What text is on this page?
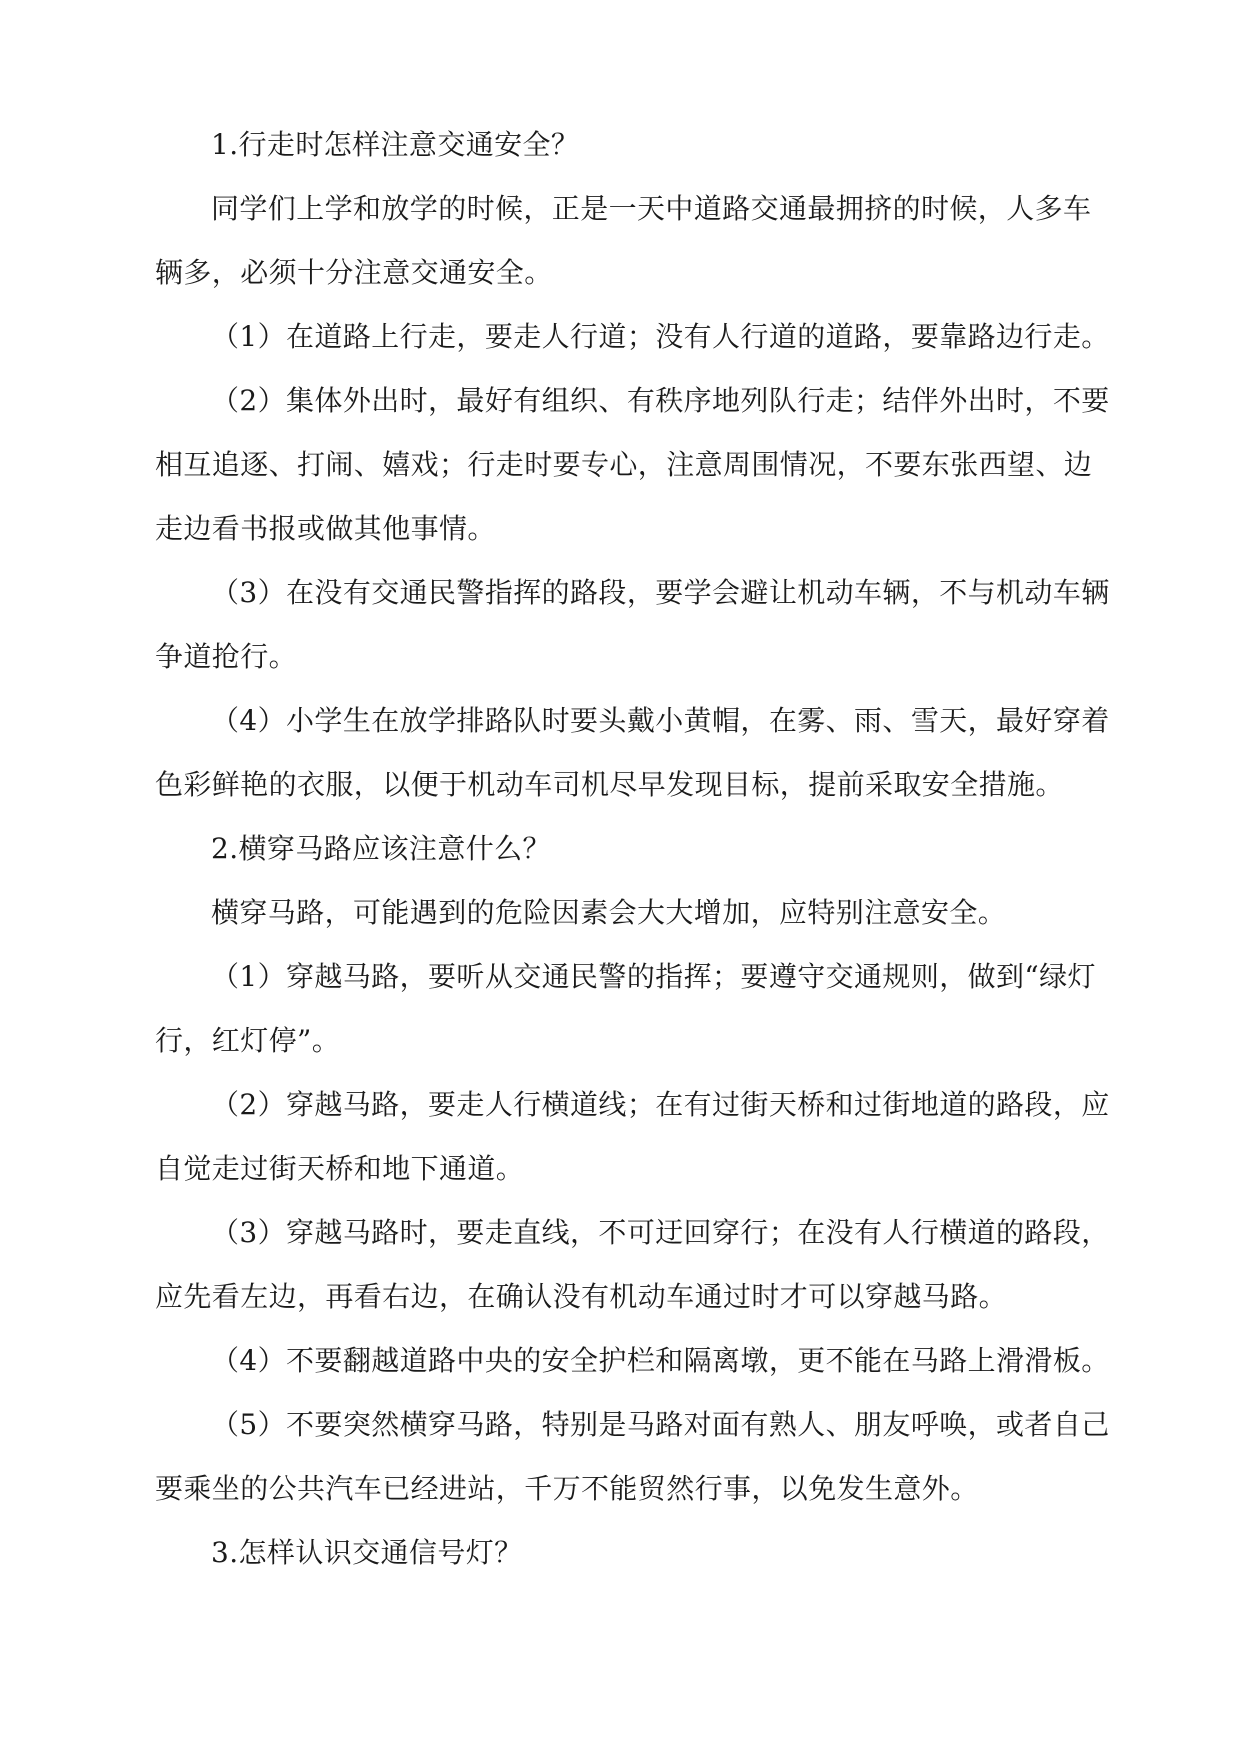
1.行走时怎样注意交通安全？

同学们上学和放学的时候，正是一天中道路交通最拥挤的时候，人多车辆多，必须十分注意交通安全。

（1）在道路上行走，要走人行道；没有人行道的道路，要靠路边行走。

（2）集体外出时，最好有组织、有秩序地列队行走；结伴外出时，不要相互追逐、打闹、嬉戏；行走时要专心，注意周围情况，不要东张西望、边走边看书报或做其他事情。

（3）在没有交通民警指挥的路段，要学会避让机动车辆，不与机动车辆争道抢行。

（4）小学生在放学排路队时要头戴小黄帽，在雾、雨、雪天，最好穿着色彩鲜艳的衣服，以便于机动车司机尽早发现目标，提前采取安全措施。

2.横穿马路应该注意什么？

横穿马路，可能遇到的危险因素会大大增加，应特别注意安全。

（1）穿越马路，要听从交通民警的指挥；要遵守交通规则，做到“绿灯行，红灯停”。

（2）穿越马路，要走人行横道线；在有过街天桥和过街地道的路段，应自觉走过街天桥和地下通道。

（3）穿越马路时，要走直线，不可迂回穿行；在没有人行横道的路段，应先看左边，再看右边，在确认没有机动车通过时才可以穿越马路。

（4）不要翻越道路中央的安全护栏和隔离墩，更不能在马路上滑滑板。

（5）不要突然横穿马路，特别是马路对面有熟人、朋友呼唤，或者自己要乘坐的公共汽车已经进站，千万不能贸然行事，以免发生意外。

3.怎样认识交通信号灯？
